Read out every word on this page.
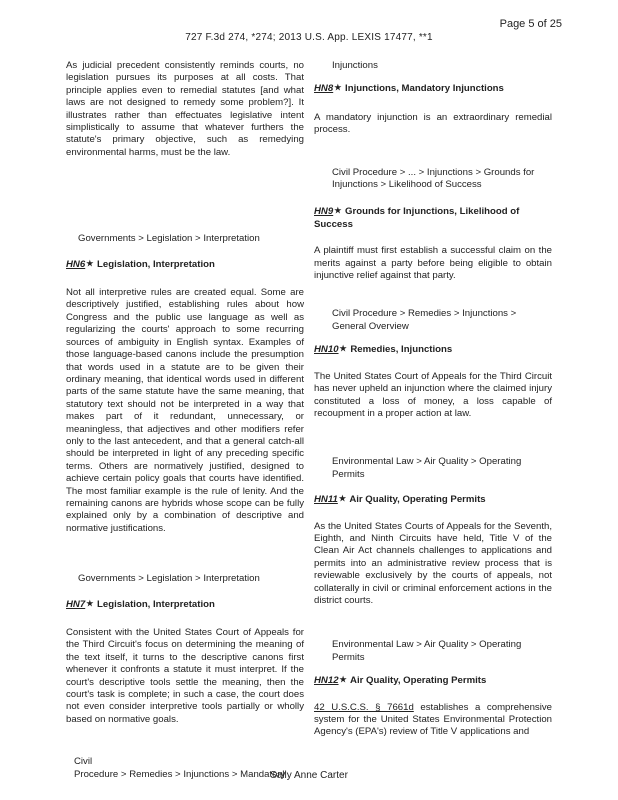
Page 5 of 25
727 F.3d 274, *274; 2013 U.S. App. LEXIS 17477, **1

As judicial precedent consistently reminds courts, no legislation pursues its purposes at all costs. That principle applies even to remedial statutes [and what laws are not designed to remedy some problem?]. It illustrates rather than effectuates legislative intent simplistically to assume that whatever furthers the statute's primary objective, such as remedying environmental harms, must be the law.

Governments > Legislation > Interpretation

HN6★ Legislation, Interpretation

Not all interpretive rules are created equal. Some are descriptively justified, establishing rules about how Congress and the public use language as well as regularizing the courts' approach to some recurring sources of ambiguity in English syntax. Examples of those language-based canons include the presumption that words used in a statute are to be given their ordinary meaning, that identical words used in different parts of the same statute have the same meaning, that statutory text should not be interpreted in a way that makes part of it redundant, unnecessary, or meaningless, that adjectives and other modifiers refer only to the last antecedent, and that a general catch-all should be interpreted in light of any preceding specific terms. Others are normatively justified, designed to achieve certain policy goals that courts have identified. The most familiar example is the rule of lenity. And the remaining canons are hybrids whose scope can be fully explained only by a combination of descriptive and normative justifications.

Governments > Legislation > Interpretation

HN7★ Legislation, Interpretation

Consistent with the United States Court of Appeals for the Third Circuit's focus on determining the meaning of the text itself, it turns to the descriptive canons first whenever it confronts a statute it must interpret. If the court's descriptive tools settle the meaning, then the court's task is complete; in such a case, the court does not even consider interpretive tools partially or wholly based on normative goals.

Civil

Procedure > Remedies > Injunctions > Mandatory

Injunctions

HN8★ Injunctions, Mandatory Injunctions

A mandatory injunction is an extraordinary remedial process.

Civil Procedure > ... > Injunctions > Grounds for Injunctions > Likelihood of Success

HN9★ Grounds for Injunctions, Likelihood of Success

A plaintiff must first establish a successful claim on the merits against a party before being eligible to obtain injunctive relief against that party.

Civil Procedure > Remedies > Injunctions > General Overview

HN10★ Remedies, Injunctions

The United States Court of Appeals for the Third Circuit has never upheld an injunction where the claimed injury constituted a loss of money, a loss capable of recoupment in a proper action at law.

Environmental Law > Air Quality > Operating Permits

HN11★ Air Quality, Operating Permits

As the United States Courts of Appeals for the Seventh, Eighth, and Ninth Circuits have held, Title V of the Clean Air Act channels challenges to applications and permits into an administrative review process that is reviewable exclusively by the courts of appeals, not collaterally in civil or criminal enforcement actions in the district courts.

Environmental Law > Air Quality > Operating Permits

HN12★ Air Quality, Operating Permits

42 U.S.C.S. § 7661d establishes a comprehensive system for the United States Environmental Protection Agency's (EPA's) review of Title V applications and

Sally Anne Carter
